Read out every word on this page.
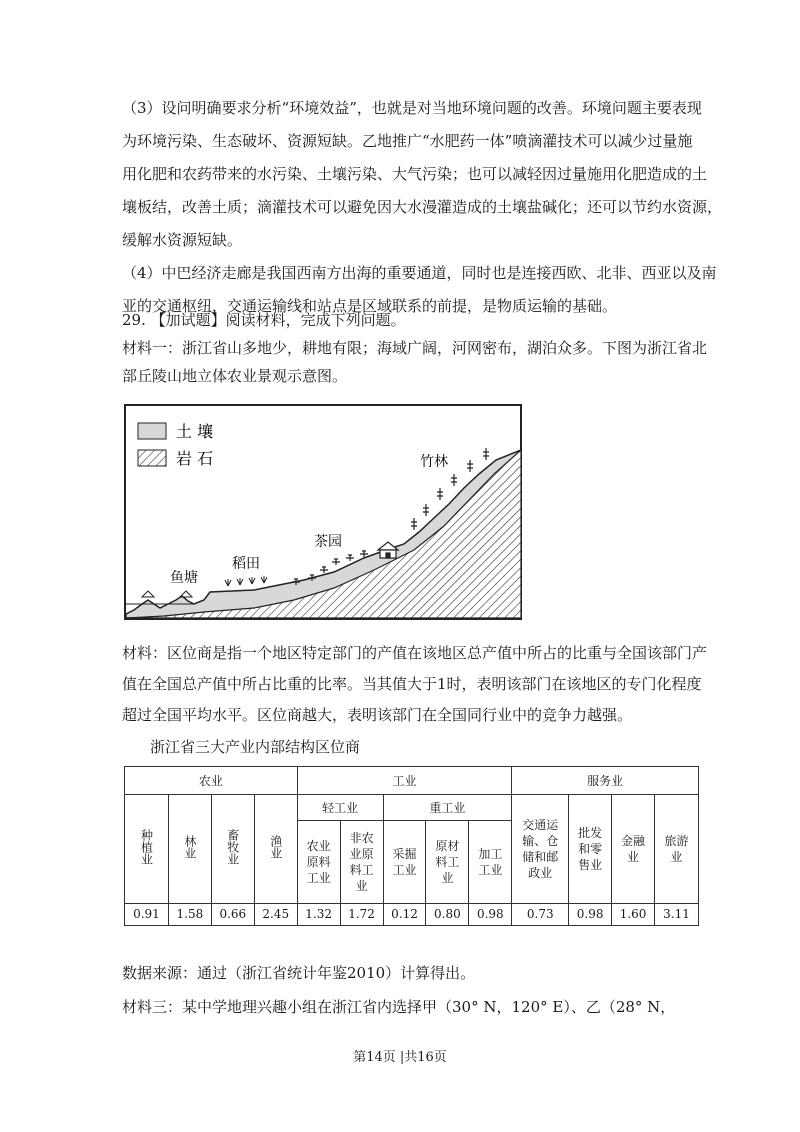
（3）设问明确要求分析“环境效益”，也就是对当地环境问题的改善。环境问题主要表现
为环境污染、生态破坏、资源短缺。乙地推广“水肥药一体”喷滴灌技术可以减少过量施
用化肥和农药带来的水污染、土壤污染、大气污染；也可以减轻因过量施用化肥造成的土
壤板结，改善土质；滴灌技术可以避免因大水漫灌造成的土壤盐碱化；还可以节约水资源，
缓解水资源短缺。
（4）中巴经济走廊是我国西南方出海的重要通道，同时也是连接西欧、北非、西亚以及南
亚的交通枢纽，交通运输线和站点是区域联系的前提，是物质运输的基础。
29. 【加试题】阅读材料，完成下列问题。
材料一：浙江省山多地少，耕地有限；海域广阔，河网密布，湖泊众多。下图为浙江省北
部丘陵山地立体农业景观示意图。
土 壤
岩 石
鱼塘
稻田
茶园
竹林
材料：区位商是指一个地区特定部门的产值在该地区总产值中所占的比重与全国该部门产
值在全国总产值中所占比重的比率。当其值大于1时，表明该部门在该地区的专门化程度
超过全国平均水平。区位商越大，表明该部门在全国同行业中的竞争力越强。
浙江省三大产业内部结构区位商
农业				工业					服务业			
种植业	林业	畜牧业	渔业	轻工业		重工业			交通运输、仓储和邮政业	批发和零售业	金融业	旅游业
				农业原料工业	非农业原料工业	采掘工业	原材料工业	加工工业				
0.91	1.58	0.66	2.45	1.32	1.72	0.12	0.80	0.98	0.73	0.98	1.60	3.11
数据来源：通过（浙江省统计年鉴2010）计算得出。
材料三：某中学地理兴趣小组在浙江省内选择甲（30° N，120° E）、乙（28° N，
第14页 |共16页
